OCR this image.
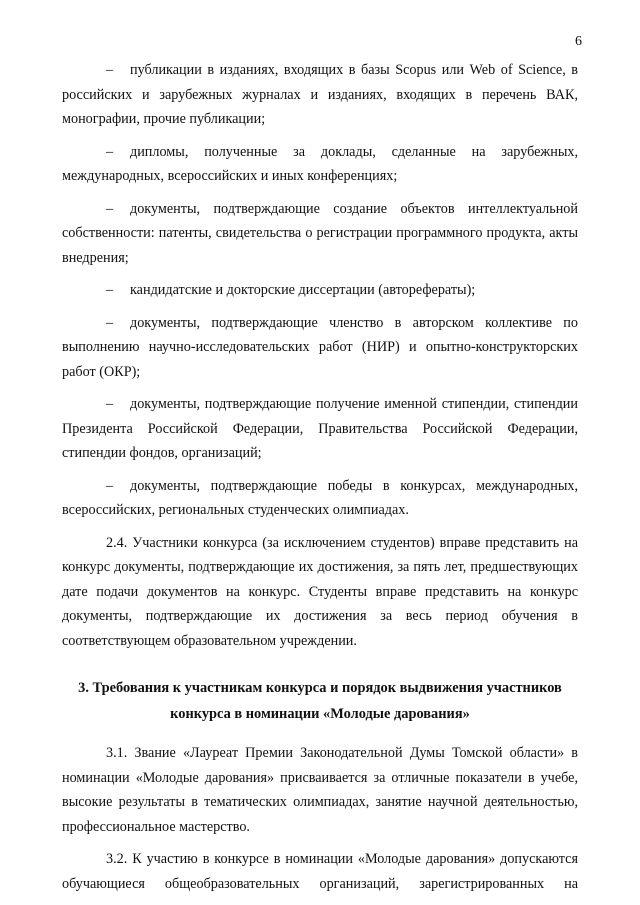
6

– публикации в изданиях, входящих в базы Scopus или Web of Science, в российских и зарубежных журналах и изданиях, входящих в перечень ВАК, монографии, прочие публикации;

– дипломы, полученные за доклады, сделанные на зарубежных, международных, всероссийских и иных конференциях;

– документы, подтверждающие создание объектов интеллектуальной собственности: патенты, свидетельства о регистрации программного продукта, акты внедрения;

– кандидатские и докторские диссертации (авторефераты);

– документы, подтверждающие членство в авторском коллективе по выполнению научно-исследовательских работ (НИР) и опытно-конструкторских работ (ОКР);

– документы, подтверждающие получение именной стипендии, стипендии Президента Российской Федерации, Правительства Российской Федерации, стипендии фондов, организаций;

– документы, подтверждающие победы в конкурсах, международных, всероссийских, региональных студенческих олимпиадах.

2.4. Участники конкурса (за исключением студентов) вправе представить на конкурс документы, подтверждающие их достижения, за пять лет, предшествующих дате подачи документов на конкурс. Студенты вправе представить на конкурс документы, подтверждающие их достижения за весь период обучения в соответствующем образовательном учреждении.

3. Требования к участникам конкурса и порядок выдвижения участников
конкурса в номинации «Молодые дарования»

3.1. Звание «Лауреат Премии Законодательной Думы Томской области» в номинации «Молодые дарования» присваивается за отличные показатели в учебе, высокие результаты в тематических олимпиадах, занятие научной деятельностью, профессиональное мастерство.

3.2. К участию в конкурсе в номинации «Молодые дарования» допускаются обучающиеся общеобразовательных организаций, зарегистрированных на
